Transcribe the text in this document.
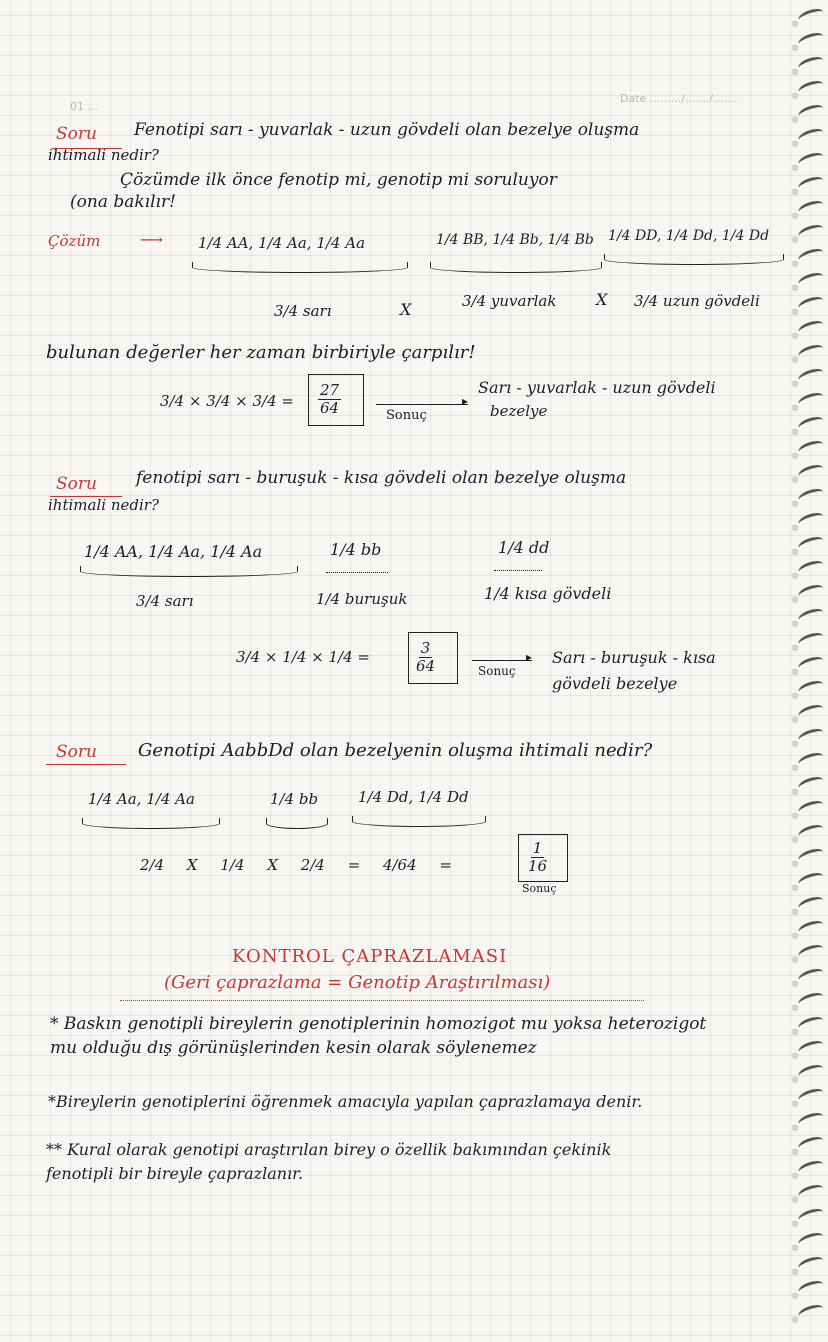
01 ...
Date ........./......./.......
Soru Fenotipi sarı - yuvarlak - uzun gövdeli olan bezelye oluşma
ihtimali nedir?
Çözümde ilk önce fenotip mi, genotip mi soruluyor
(ona bakılır!
Çözüm ⟶ 1/4 AA, 1/4 Aa, 1/4 Aa	1/4 BB, 1/4 Bb, 1/4 Bb 1/4 DD, 1/4 Dd, 1/4 Dd
3/4 sarı	X	3/4 yuvarlak X 3/4 uzun gövdeli
bulunan değerler her zaman birbiriyle çarpılır!
$3/4 \times 3/4 \times 3/4 = \frac{27}{64}$	▸
Sonuç
Sarı - yuvarlak - uzun gövdeli
bezelye
Soru fenotipi sarı - buruşuk - kısa gövdeli olan bezelye oluşma
ihtimali nedir?
1/4 AA, 1/4 Aa, 1/4 Aa	1/4 bb	1/4 dd
3/4 sarı	1/4 buruşuk	1/4 kısa gövdeli
3/4 × 1/4 × 1/4 =	$\frac{3}{64}$	▸
Sonuç
Sarı - buruşuk - kısa
gövdeli bezelye
Soru Genotipi AabbDd olan bezelyenin oluşma ihtimali nedir?
1/4 Aa, 1/4 Aa	1/4 bb	1/4 Dd, 1/4 Dd
2/4 X 1/4 X 2/4 = 4/64 =	$\frac{1}{16}$
Sonuç
KONTROL ÇAPRAZLAMASI
(Geri çaprazlama = Genotip Araştırılması)
* Baskın genotipli bireylerin genotiplerinin homozigot mu yoksa heterozigot
mu olduğu dış görünüşlerinden kesin olarak söylenemez
*Bireylerin genotiplerini öğrenmek amacıyla yapılan çaprazlamaya denir.
** Kural olarak genotipi araştırılan birey o özellik bakımından çekinik
fenotipli bir bireyle çaprazlanır.
